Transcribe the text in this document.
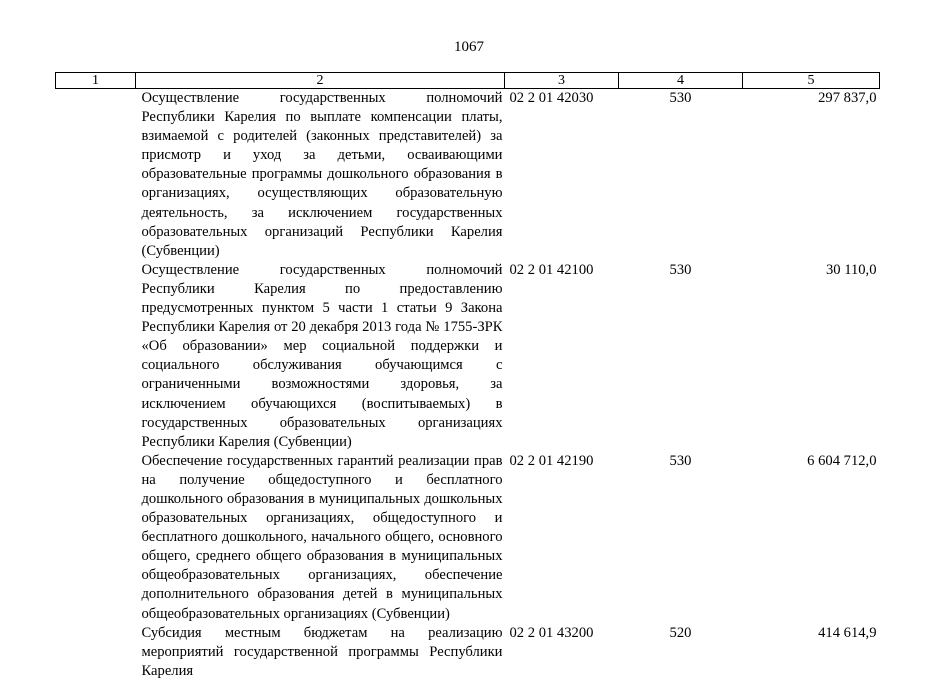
1067
1	2	3	4	5
	Осуществление государственных полномочий Республики Карелия по выплате компенсации платы, взимаемой с родителей (законных представителей) за присмотр и уход за детьми, осваивающими образовательные программы дошкольного образования в организациях, осуществляющих образовательную деятельность, за исключением государственных образовательных организаций Республики Карелия (Субвенции)	02 2 01 42030	530	297 837,0
	Осуществление государственных полномочий Республики Карелия по предоставлению предусмотренных пунктом 5 части 1 статьи 9 Закона Республики Карелия от 20 декабря 2013 года № 1755-ЗРК «Об образовании» мер социальной поддержки и социального обслуживания обучающимся с ограниченными возможностями здоровья, за исключением обучающихся (воспитываемых) в государственных образовательных организациях Республики Карелия (Субвенции)	02 2 01 42100	530	30 110,0
	Обеспечение государственных гарантий реализации прав на получение общедоступного и бесплатного дошкольного образования в муниципальных дошкольных образовательных организациях, общедоступного и бесплатного дошкольного, начального общего, основного общего, среднего общего образования в муниципальных общеобразовательных организациях, обеспечение дополнительного образования детей в муниципальных общеобразовательных организациях (Субвенции)	02 2 01 42190	530	6 604 712,0

	Субсидия местным бюджетам на реализацию мероприятий государственной программы Республики Карелия	02 2 01 43200	520	414 614,9
